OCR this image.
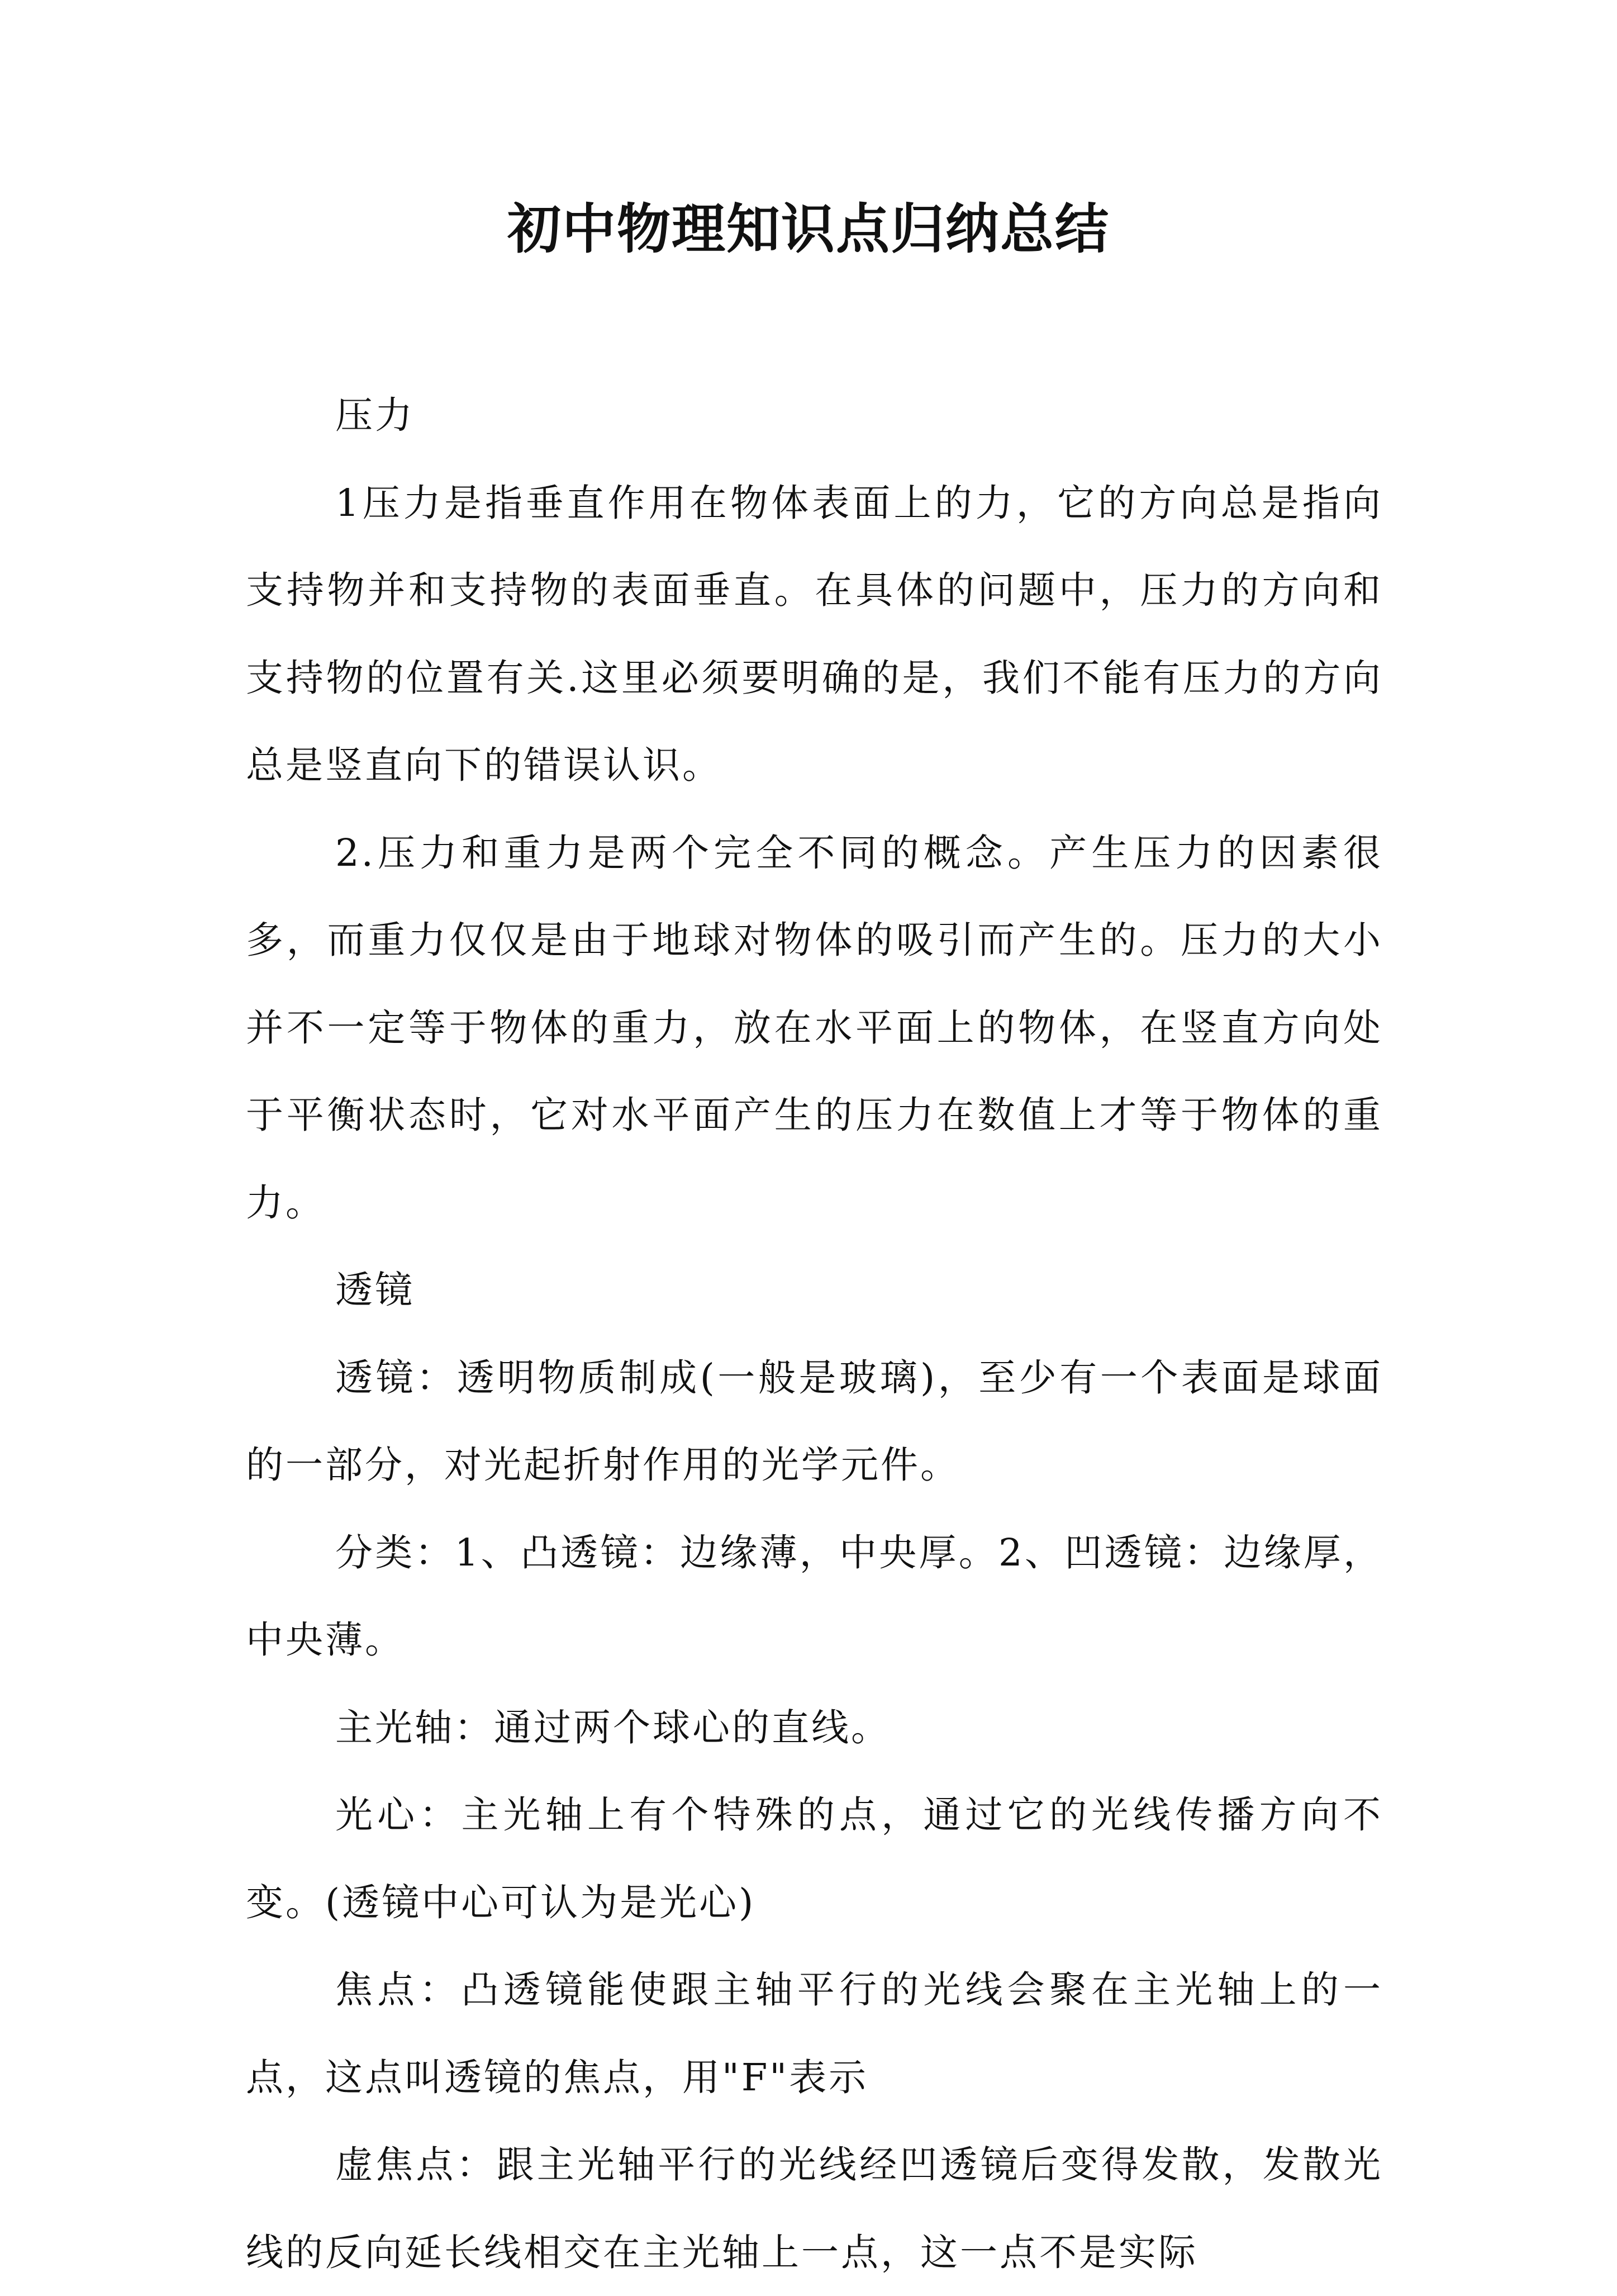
初中物理知识点归纳总结

压力

1压力是指垂直作用在物体表面上的力，它的方向总是指向支持物并和支持物的表面垂直。在具体的问题中，压力的方向和支持物的位置有关.这里必须要明确的是，我们不能有压力的方向总是竖直向下的错误认识。

2.压力和重力是两个完全不同的概念。产生压力的因素很多，而重力仅仅是由于地球对物体的吸引而产生的。压力的大小并不一定等于物体的重力，放在水平面上的物体，在竖直方向处于平衡状态时，它对水平面产生的压力在数值上才等于物体的重力。

透镜

透镜：透明物质制成(一般是玻璃)，至少有一个表面是球面的一部分，对光起折射作用的光学元件。

分类：1、凸透镜：边缘薄，中央厚。2、凹透镜：边缘厚，中央薄。

主光轴：通过两个球心的直线。

光心：主光轴上有个特殊的点，通过它的光线传播方向不变。(透镜中心可认为是光心)

焦点：凸透镜能使跟主轴平行的光线会聚在主光轴上的一点，这点叫透镜的焦点，用"F"表示

虚焦点：跟主光轴平行的光线经凹透镜后变得发散，发散光线的反向延长线相交在主光轴上一点，这一点不是实际
